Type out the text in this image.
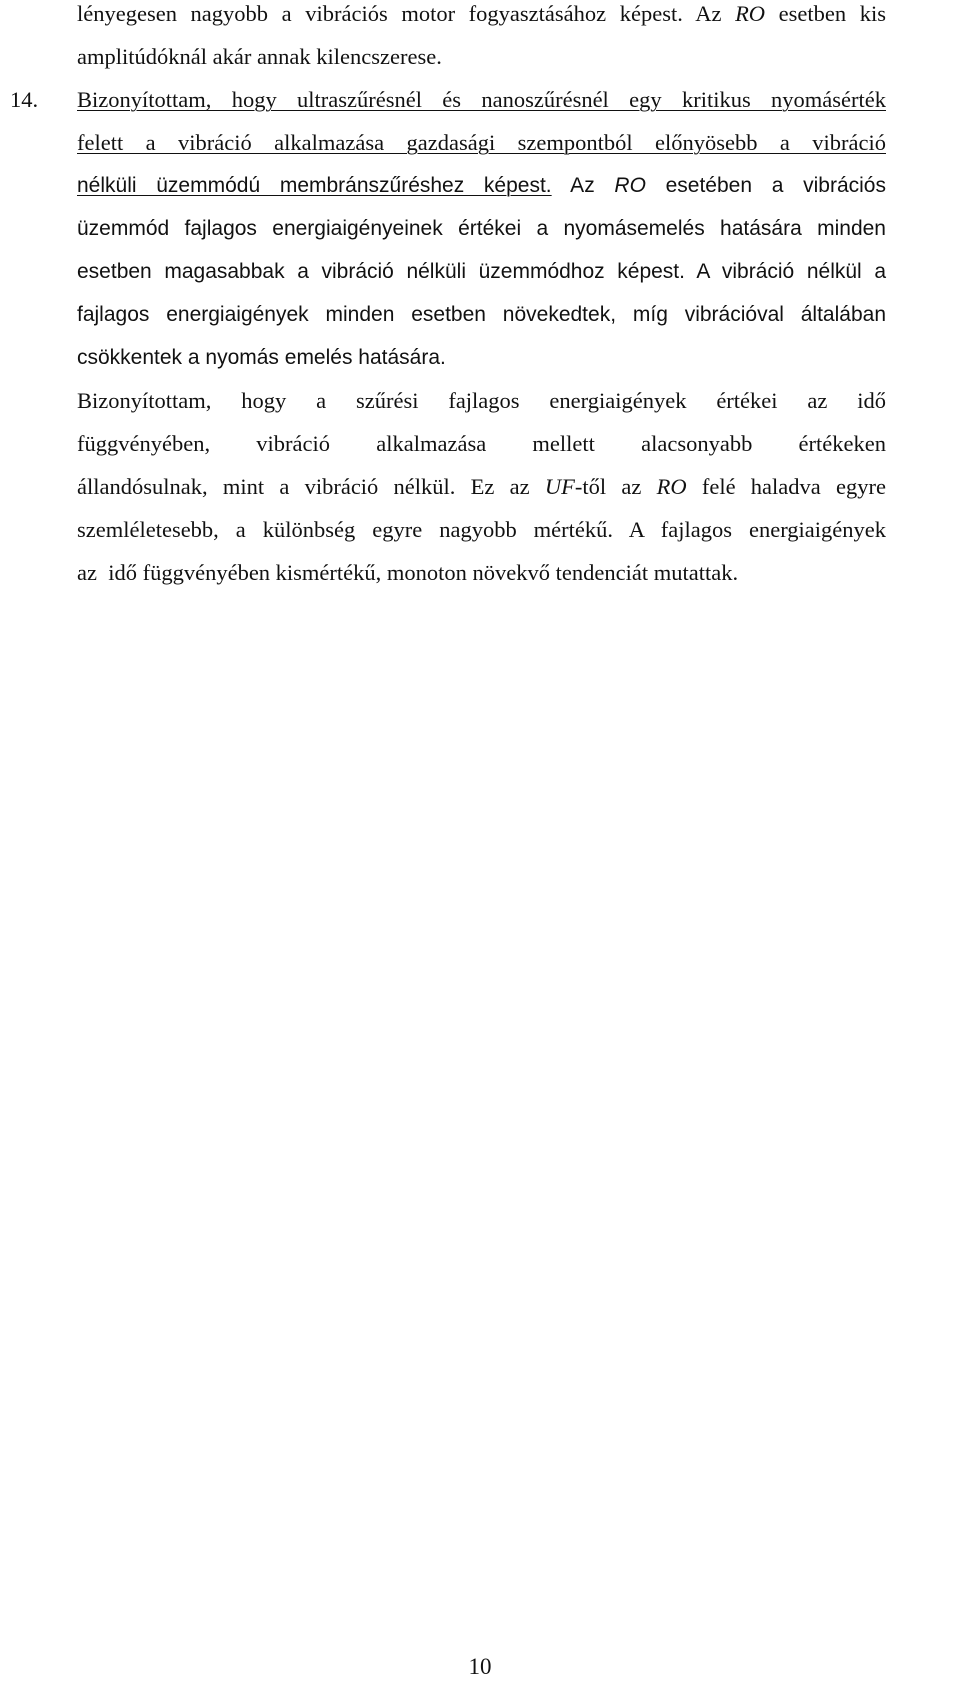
lényegesen nagyobb a vibrációs motor fogyasztásához képest. Az RO esetben kis
amplitúdóknál akár annak kilencszerese.
14. Bizonyítottam, hogy ultraszűrésnél és nanoszűrésnél egy kritikus nyomásérték
felett a vibráció alkalmazása gazdasági szempontból előnyösebb a vibráció
nélküli üzemmódú membránszűréshez képest. Az RO esetében a vibrációs
üzemmód fajlagos energiaigényeinek értékei a nyomásemelés hatására minden
esetben magasabbak a vibráció nélküli üzemmódhoz képest. A vibráció nélkül a
fajlagos energiaigények minden esetben növekedtek, míg vibrációval általában
csökkentek a nyomás emelés hatására.
Bizonyítottam, hogy a szűrési fajlagos energiaigények értékei az idő
függvényében, vibráció alkalmazása mellett alacsonyabb értékeken
állandósulnak, mint a vibráció nélkül. Ez az UF-től az RO felé haladva egyre
szemléletesebb, a különbség egyre nagyobb mértékű. A fajlagos energiaigények
az  idő függvényében kismértékű, monoton növekvő tendenciát mutattak.
10
